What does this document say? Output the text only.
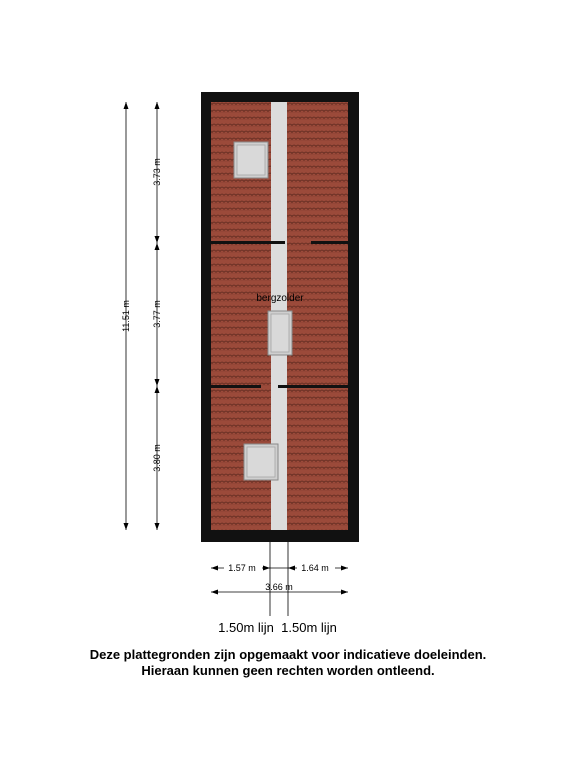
bergzolder
11.51 m
3.73 m
3.77 m
3.80 m
1.57 m	1.64 m
3.66 m
1.50m lijn 1.50m lijn
Deze plattegronden zijn opgemaakt voor indicatieve doeleinden.
Hieraan kunnen geen rechten worden ontleend.
